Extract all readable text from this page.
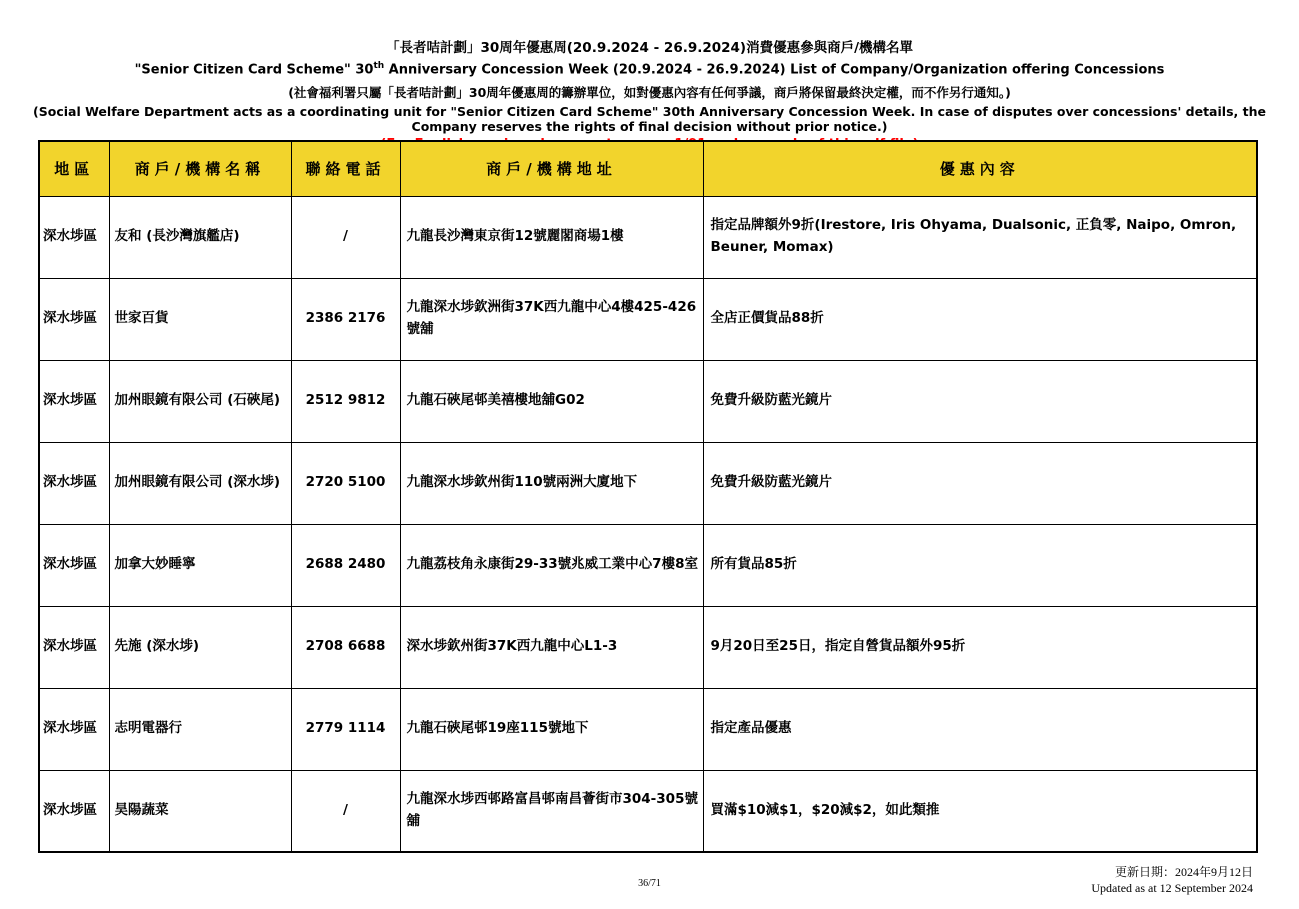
「長者咭計劃」30周年優惠周(20.9.2024 - 26.9.2024)消費優惠參與商戶/機構名單
"Senior Citizen Card Scheme" 30th Anniversary Concession Week (20.9.2024 - 26.9.2024) List of Company/Organization offering Concessions
(社會福利署只屬「長者咭計劃」30周年優惠周的籌辦單位，如對優惠內容有任何爭議，商戶將保留最終決定權，而不作另行通知。)
(Social Welfare Department acts as a coordinating unit for "Senior Citizen Card Scheme" 30th Anniversary Concession Week. In case of disputes over concessions' details, the Company reserves the rights of final decision without prior notice.)
地區	商戶/機構名稱	聯絡電話	商戶/機構地址	優惠內容
深水埗區	友和 (長沙灣旗艦店)	/	九龍長沙灣東京街12號麗閣商場1樓	指定品牌額外9折(Irestore, Iris Ohyama, Dualsonic, 正負零, Naipo, Omron, Beuner, Momax)
深水埗區	世家百貨	2386 2176	九龍深水埗欽洲街37K西九龍中心4樓425-426號舖	全店正價貨品88折
深水埗區	加州眼鏡有限公司 (石硤尾)	2512 9812	九龍石硤尾邨美禧樓地舖G02	免費升級防藍光鏡片
深水埗區	加州眼鏡有限公司 (深水埗)	2720 5100	九龍深水埗欽州街110號兩洲大廈地下	免費升級防藍光鏡片
深水埗區	加拿大妙睡寧	2688 2480	九龍荔枝角永康街29-33號兆威工業中心7樓8室	所有貨品85折
深水埗區	先施 (深水埗)	2708 6688	深水埗欽州街37K西九龍中心L1-3	9月20日至25日，指定自營貨品額外95折
深水埗區	志明電器行	2779 1114	九龍石硤尾邨19座115號地下	指定產品優惠
深水埗區	昊陽蔬菜	/	九龍深水埗西邨路富昌邨南昌薈街市304-305號舖	買滿$10減$1，$20減$2，如此類推
36/71
更新日期：2024年9月12日
Updated as at 12 September 2024
